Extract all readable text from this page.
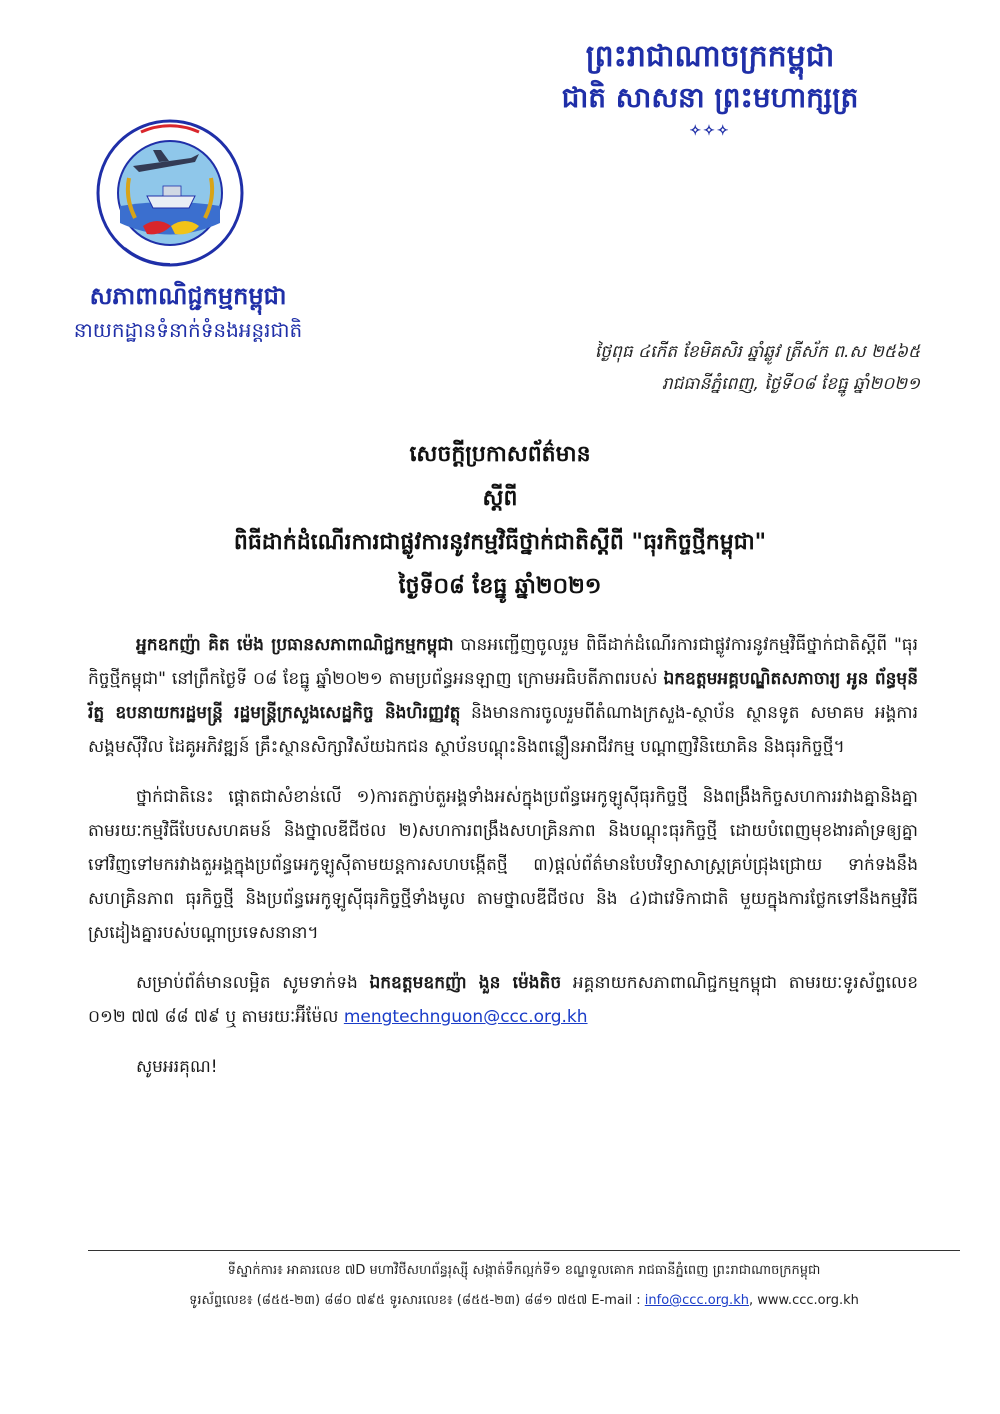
ព្រះរាជាណាចក្រកម្ពុជា
ជាតិ សាសនា ព្រះមហាក្សត្រ
✧✧✧
សភាពាណិជ្ជកម្មកម្ពុជា
នាយកដ្ឋានទំនាក់ទំនងអន្តរជាតិ
ថ្ងៃពុធ ៤កើត ខែមិគសិរ ឆ្នាំឆ្លូវ ត្រីស័ក ព.ស ២៥៦៥
រាជធានីភ្នំពេញ, ថ្ងៃទី០៨ ខែធ្នូ ឆ្នាំ២០២១
សេចក្តីប្រកាសព័ត៌មាន
ស្តីពី
ពិធីដាក់ដំណើរការជាផ្លូវការនូវកម្មវិធីថ្នាក់ជាតិស្តីពី "ធុរកិច្ចថ្មីកម្ពុជា"
ថ្ងៃទី០៨ ខែធ្នូ ឆ្នាំ២០២១

អ្នកឧកញ៉ា គិត ម៉េង ប្រធានសភាពាណិជ្ជកម្មកម្ពុជា បានអញ្ជើញចូលរួម ពិធីដាក់ដំណើរការជាផ្លូវការនូវកម្មវិធីថ្នាក់ជាតិស្តីពី "ធុរកិច្ចថ្មីកម្ពុជា" នៅព្រឹកថ្ងៃទី ០៨ ខែធ្នូ ឆ្នាំ២០២១ តាមប្រព័ន្ធអនឡាញ ក្រោមអធិបតីភាពរបស់ ឯកឧត្តមអគ្គបណ្ឌិតសភាចារ្យ អូន ព័ន្ធមុនីរ័ត្ន ឧបនាយករដ្ឋមន្ត្រី រដ្ឋមន្ត្រីក្រសួងសេដ្ឋកិច្ច និងហិរញ្ញវត្ថុ និងមានការចូលរួមពីតំណាងក្រសួង-ស្ថាប័ន ស្ថានទូត សមាគម អង្គការសង្គមស៊ីវិល ដៃគូអភិវឌ្ឍន៍ គ្រឹះស្ថានសិក្សាវិស័យឯកជន ស្ថាប័នបណ្តុះនិងពន្លឿនអាជីវកម្ម បណ្តាញវិនិយោគិន និងធុរកិច្ចថ្មី។

ថ្នាក់ជាតិនេះ ផ្តោតជាសំខាន់លើ ១)ការតភ្ជាប់តួអង្គទាំងអស់ក្នុងប្រព័ន្ធអេកូឡូស៊ីធុរកិច្ចថ្មី និងពង្រឹងកិច្ចសហការរវាងគ្នានិងគ្នាតាមរយៈកម្មវិធីបែបសហគមន៍ និងថ្នាលឌីជីថល ២)សហការពង្រឹងសហគ្រិនភាព និងបណ្តុះធុរកិច្ចថ្មី ដោយបំពេញមុខងារគាំទ្រឲ្យគ្នាទៅវិញទៅមករវាងតួអង្គក្នុងប្រព័ន្ធអេកូឡូស៊ីតាមយន្តការសហបង្កើតថ្មី ៣)ផ្តល់ព័ត៌មានបែបវិទ្យាសាស្ត្រគ្រប់ជ្រុងជ្រោយ ទាក់ទងនឹង សហគ្រិនភាព ធុរកិច្ចថ្មី និងប្រព័ន្ធអេកូឡូស៊ីធុរកិច្ចថ្មីទាំងមូល តាមថ្នាលឌីជីថល និង ៤)ជាវេទិកាជាតិ មួយក្នុងការថ្លែកទៅនឹងកម្មវិធីស្រដៀងគ្នារបស់បណ្តាប្រទេសនានា។

សម្រាប់ព័ត៌មានលម្អិត សូមទាក់ទង ឯកឧត្តមឧកញ៉ា ងួន ម៉េងតិច អគ្គនាយកសភាពាណិជ្ជកម្មកម្ពុជា តាមរយៈទូរស័ព្ទលេខ ០១២ ៧៧ ៨៨ ៧៩ ឬ តាមរយៈអ៊ីម៉ែល mengtechnguon@ccc.org.kh

សូមអរគុណ!
ទីស្នាក់ការ៖ អាគារលេខ ៧D មហាវិថីសហព័ន្ធរុស្ស៊ី សង្កាត់ទឹកល្អក់ទី១ ខណ្ឌទួលគោក រាជធានីភ្នំពេញ ព្រះរាជាណាចក្រកម្ពុជា
ទូរស័ព្ទលេខ៖ (៨៥៥-២៣) ៨៨០ ៧៩៥ ទូរសារលេខ៖ (៨៥៥-២៣) ៨៨១ ៧៥៧ E-mail : info@ccc.org.kh, www.ccc.org.kh
